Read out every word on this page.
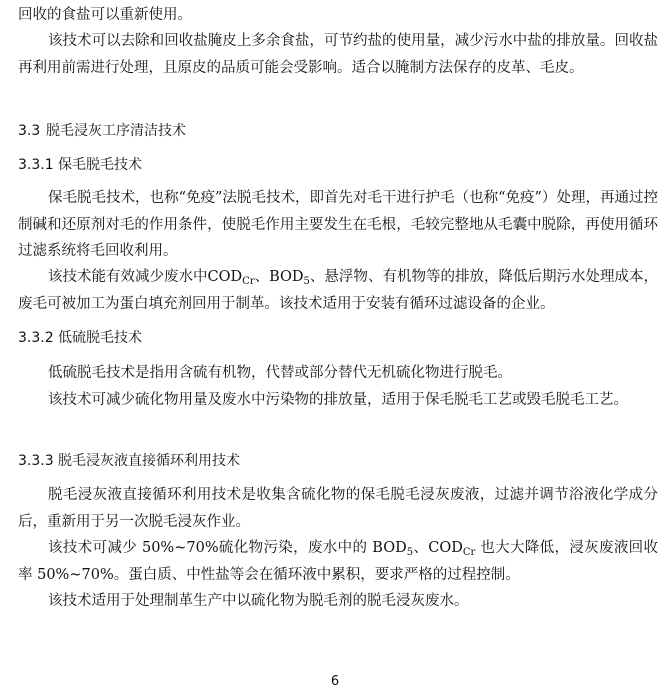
回收的食盐可以重新使用。

该技术可以去除和回收盐腌皮上多余食盐，可节约盐的使用量，减少污水中盐的排放量。回收盐再利用前需进行处理，且原皮的品质可能会受影响。适合以腌制方法保存的皮革、毛皮。

3.3 脱毛浸灰工序清洁技术
3.3.1 保毛脱毛技术

保毛脱毛技术，也称“免疫”法脱毛技术，即首先对毛干进行护毛（也称“免疫”）处理，再通过控制碱和还原剂对毛的作用条件，使脱毛作用主要发生在毛根，毛较完整地从毛囊中脱除，再使用循环过滤系统将毛回收利用。

该技术能有效减少废水中$COD_{Cr}$、$BOD_5$、悬浮物、有机物等的排放，降低后期污水处理成本，废毛可被加工为蛋白填充剂回用于制革。该技术适用于安装有循环过滤设备的企业。

3.3.2 低硫脱毛技术

低硫脱毛技术是指用含硫有机物，代替或部分替代无机硫化物进行脱毛。

该技术可减少硫化物用量及废水中污染物的排放量，适用于保毛脱毛工艺或毁毛脱毛工艺。

3.3.3 脱毛浸灰液直接循环利用技术

脱毛浸灰液直接循环利用技术是收集含硫化物的保毛脱毛浸灰废液，过滤并调节浴液化学成分后，重新用于另一次脱毛浸灰作业。

该技术可减少 50%~70%硫化物污染，废水中的 $BOD_5$、$COD_{Cr}$ 也大大降低，浸灰废液回收率 50%~70%。蛋白质、中性盐等会在循环液中累积，要求严格的过程控制。

该技术适用于处理制革生产中以硫化物为脱毛剂的脱毛浸灰废水。

6
